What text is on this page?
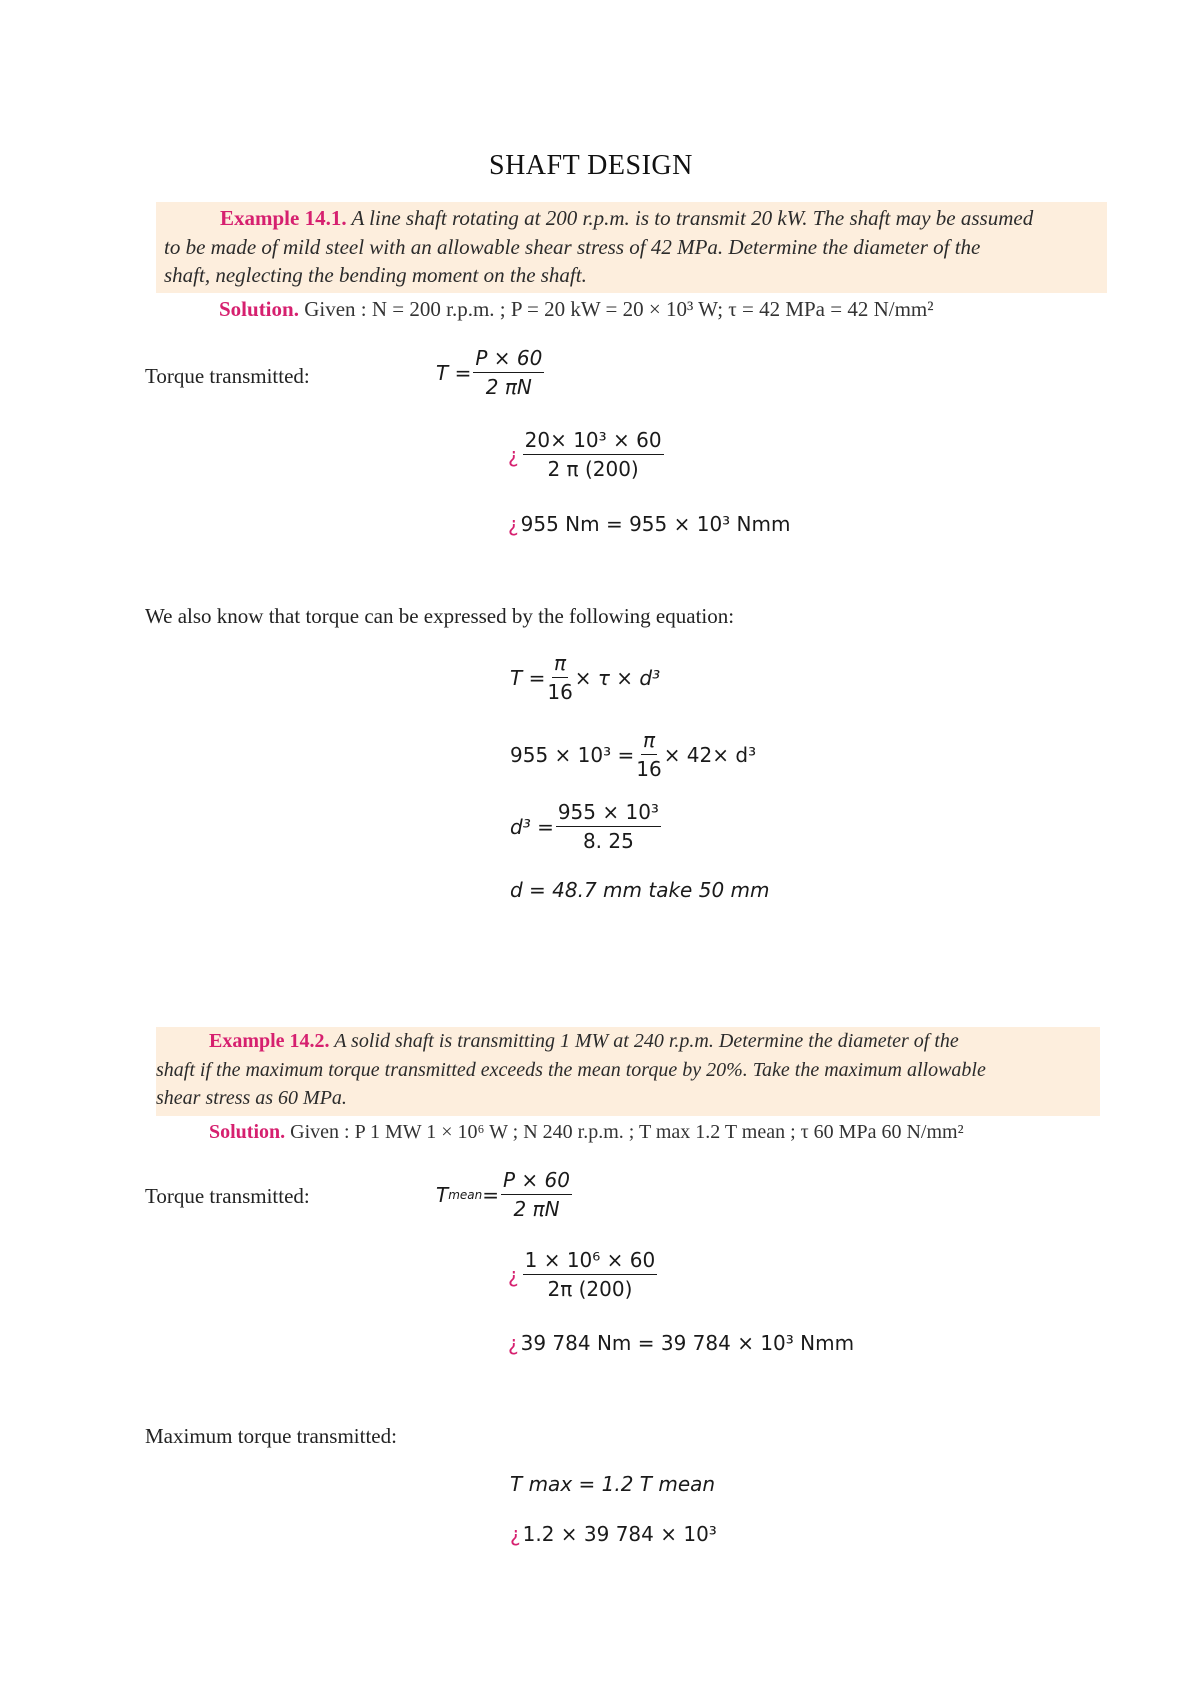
SHAFT DESIGN
Example 14.1. A line shaft rotating at 200 r.p.m. is to transmit 20 kW. The shaft may be assumed
to be made of mild steel with an allowable shear stress of 42 MPa. Determine the diameter of the
shaft, neglecting the bending moment on the shaft.
Solution. Given : N = 200 r.p.m. ; P = 20 kW = 20 × 10³ W; τ = 42 MPa = 42 N/mm²
Torque transmitted:	$T = \frac{P \times 60}{2 \pi N}$
¿ $\frac{\text{20× 10³ × 60}}{2 \pi (200)}$
¿ 955 Nm = 955 × 10³ Nmm
We also know that torque can be expressed by the following equation:
$T = \frac{\pi}{16} \times \tau \times d^3$
$955 \times 10^3 = \frac{\pi}{16} \times 42\times d^3$
$d^3 = \frac{\text{955 × 10³}}{8. 25}$
d = 48.7 mm take 50 mm
Example 14.2. A solid shaft is transmitting 1 MW at 240 r.p.m. Determine the diameter of the
shaft if the maximum torque transmitted exceeds the mean torque by 20%. Take the maximum allowable
shear stress as 60 MPa.
Solution. Given : P 1 MW 1 × 10⁶ W ; N 240 r.p.m. ; T max 1.2 T mean ; τ 60 MPa 60 N/mm²
Torque transmitted:	T mean = $\frac{P \times 60}{2 \pi N}$
¿ $\frac{\text{1 × 10⁶ × 60}}{2\pi (200)}$
¿ 39 784 Nm = 39 784 × 10³ Nmm
Maximum torque transmitted:
T max = 1.2 T mean
¿ 1.2 × 39 784 × 10³
